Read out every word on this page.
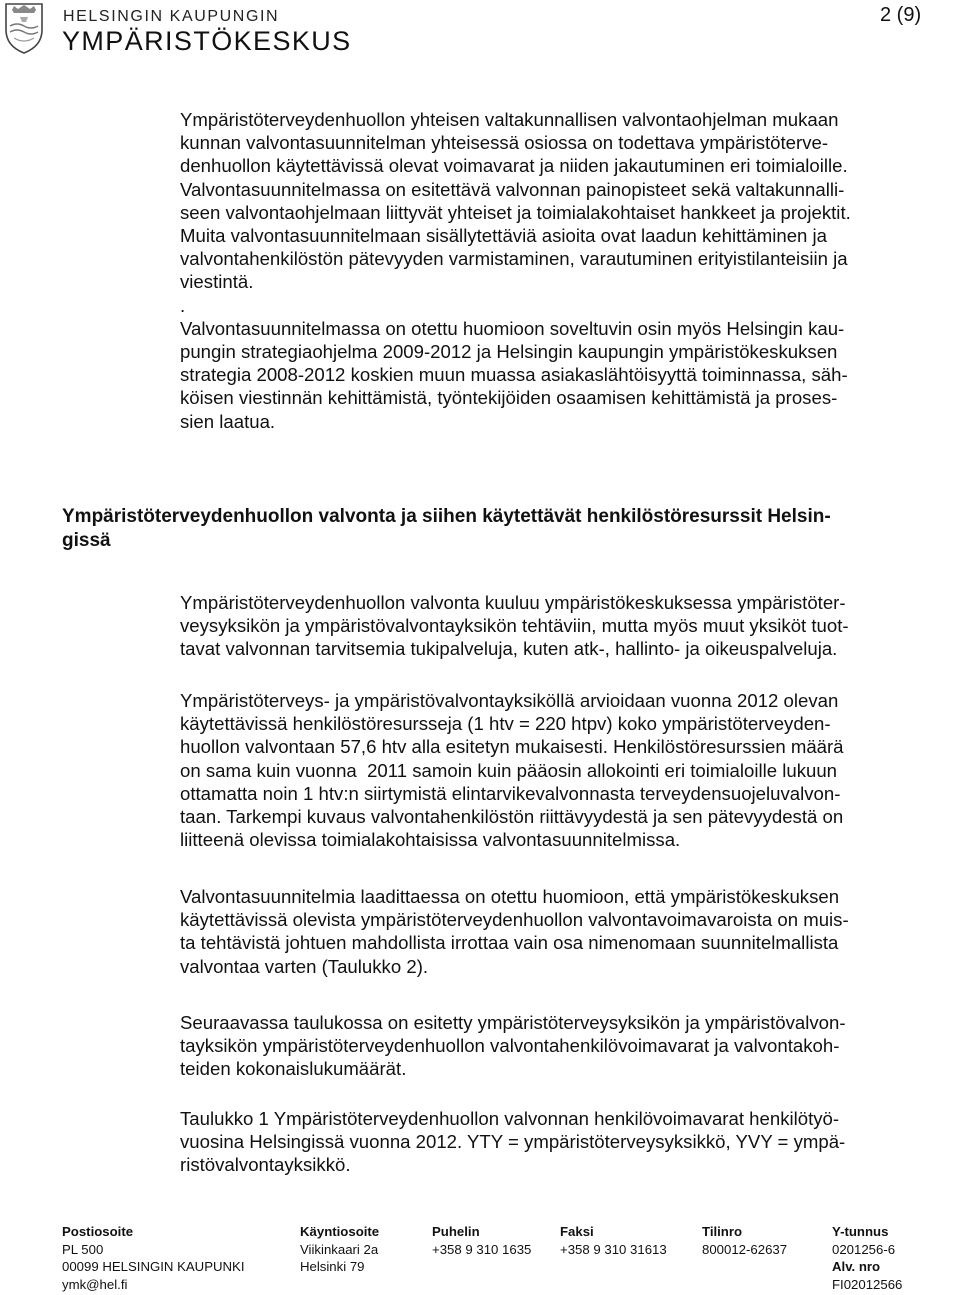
HELSINGIN KAUPUNGIN
YMPÄRISTÖKESKUS
2 (9)

Ympäristöterveydenhuollon yhteisen valtakunnallisen valvontaohjelman mukaan

kunnan valvontasuunnitelman yhteisessä osiossa on todettava ympäristöterve-

denhuollon käytettävissä olevat voimavarat ja niiden jakautuminen eri toimialoille.

Valvontasuunnitelmassa on esitettävä valvonnan painopisteet sekä valtakunnalli-

seen valvontaohjelmaan liittyvät yhteiset ja toimialakohtaiset hankkeet ja projektit.

Muita valvontasuunnitelmaan sisällytettäviä asioita ovat laadun kehittäminen ja

valvontahenkilöstön pätevyyden varmistaminen, varautuminen erityistilanteisiin ja

viestintä.

.

Valvontasuunnitelmassa on otettu huomioon soveltuvin osin myös Helsingin kau-

pungin strategiaohjelma 2009-2012 ja Helsingin kaupungin ympäristökeskuksen

strategia 2008-2012 koskien muun muassa asiakaslähtöisyyttä toiminnassa, säh-

köisen viestinnän kehittämistä, työntekijöiden osaamisen kehittämistä ja proses-

sien laatua.

Ympäristöterveydenhuollon valvonta ja siihen käytettävät henkilöstöresurssit Helsin-
gissä

Ympäristöterveydenhuollon valvonta kuuluu ympäristökeskuksessa ympäristöter-

veysyksikön ja ympäristövalvontayksikön tehtäviin, mutta myös muut yksiköt tuot-

tavat valvonnan tarvitsemia tukipalveluja, kuten atk-, hallinto- ja oikeuspalveluja.

Ympäristöterveys- ja ympäristövalvontayksiköllä arvioidaan vuonna 2012 olevan

käytettävissä henkilöstöresursseja (1 htv = 220 htpv) koko ympäristöterveyden-

huollon valvontaan 57,6 htv alla esitetyn mukaisesti. Henkilöstöresurssien määrä

on sama kuin vuonna  2011 samoin kuin pääosin allokointi eri toimialoille lukuun

ottamatta noin 1 htv:n siirtymistä elintarvikevalvonnasta terveydensuojeluvalvon-

taan. Tarkempi kuvaus valvontahenkilöstön riittävyydestä ja sen pätevyydestä on

liitteenä olevissa toimialakohtaisissa valvontasuunnitelmissa.

Valvontasuunnitelmia laadittaessa on otettu huomioon, että ympäristökeskuksen

käytettävissä olevista ympäristöterveydenhuollon valvontavoimavaroista on muis-

ta tehtävistä johtuen mahdollista irrottaa vain osa nimenomaan suunnitelmallista

valvontaa varten (Taulukko 2).

Seuraavassa taulukossa on esitetty ympäristöterveysyksikön ja ympäristövalvon-

tayksikön ympäristöterveydenhuollon valvontahenkilövoimavarat ja valvontakoh-

teiden kokonaislukumäärät.

Taulukko 1 Ympäristöterveydenhuollon valvonnan henkilövoimavarat henkilötyö-

vuosina Helsingissä vuonna 2012. YTY = ympäristöterveysyksikkö, YVY = ympä-

ristövalvontayksikkö.

Postiosoite
PL 500
00099 HELSINGIN KAUPUNKI
ymk@hel.fi
Käyntiosoite
Viikinkaari 2a
Helsinki 79
Puhelin
+358 9 310 1635
Faksi
+358 9 310 31613
Tilinro
800012-62637
Y-tunnus
0201256-6
Alv. nro
FI02012566
